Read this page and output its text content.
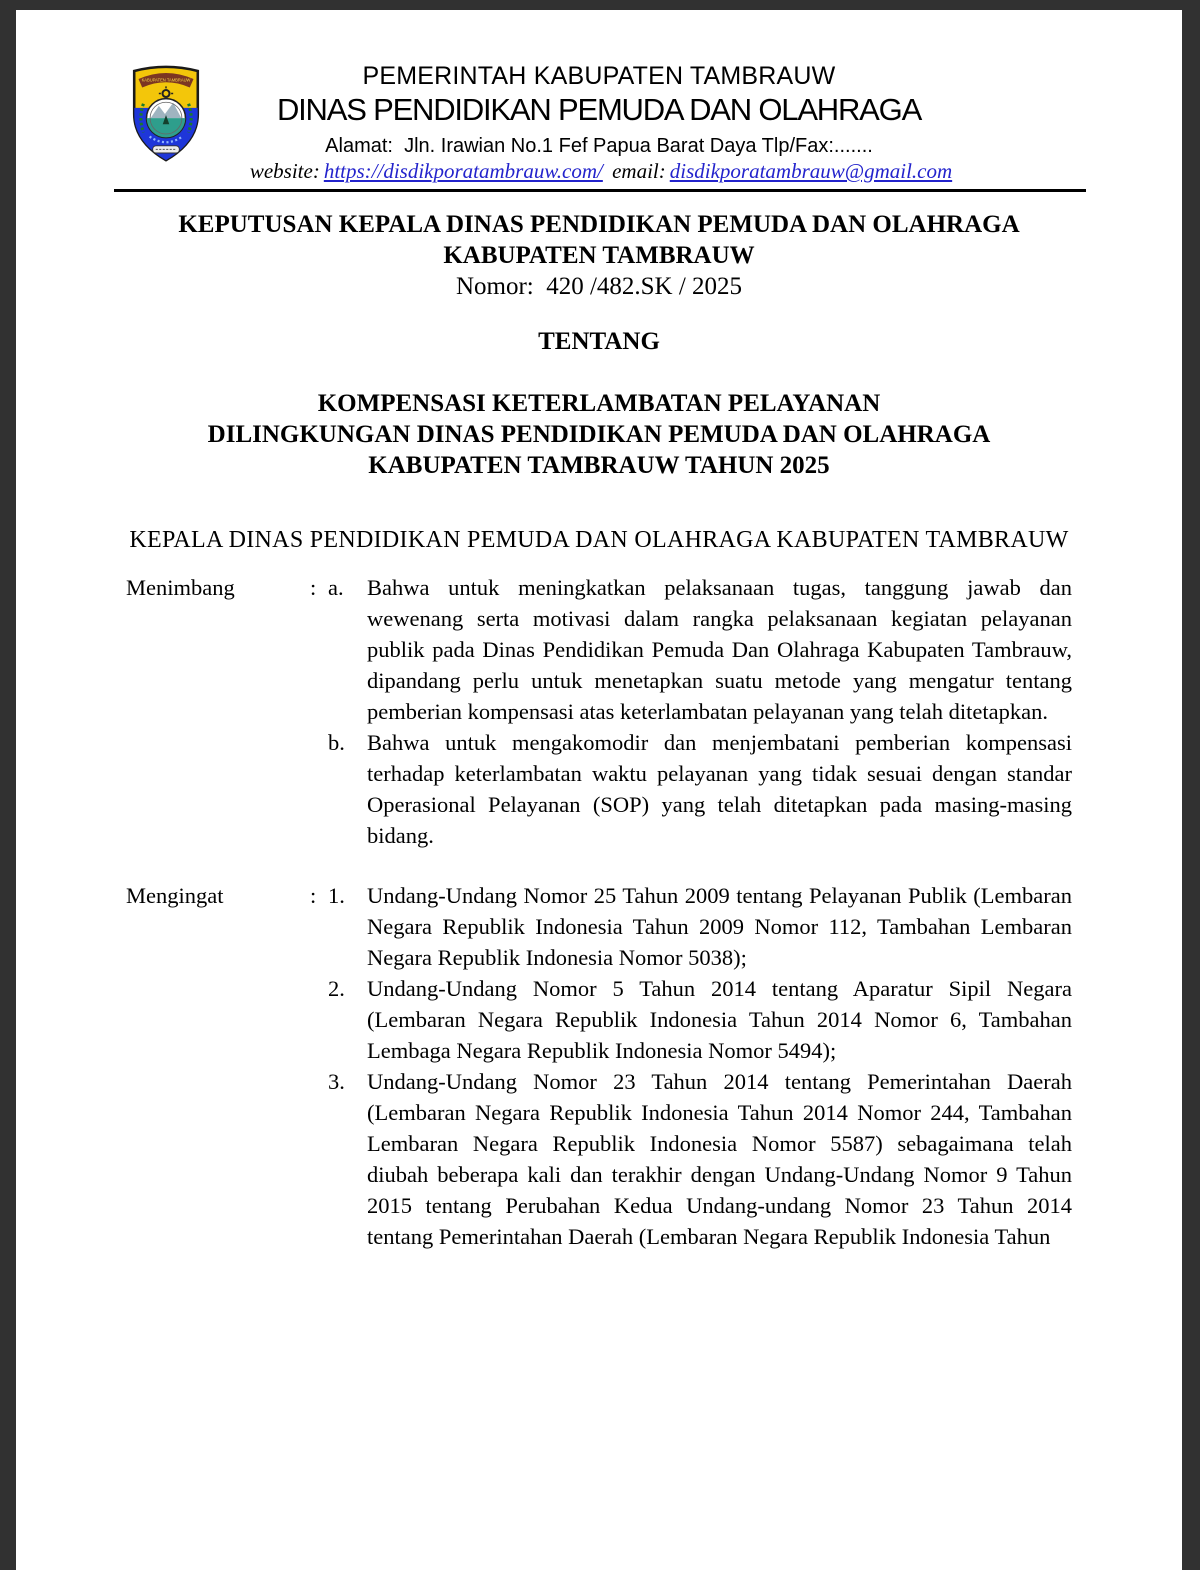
KABUPATEN TAMBRAUW	PEMERINTAH KABUPATEN TAMBRAUW
DINAS PENDIDIKAN PEMUDA DAN OLAHRAGA
Alamat:  Jln. Irawian No.1 Fef Papua Barat Daya Tlp/Fax:.......
website: https://disdikporatambrauw.com/ email: disdikporatambrauw@gmail.com
KEPUTUSAN KEPALA DINAS PENDIDIKAN PEMUDA DAN OLAHRAGA
KABUPATEN TAMBRAUW
Nomor:  420 /482.SK / 2025
TENTANG
KOMPENSASI KETERLAMBATAN PELAYANAN
DILINGKUNGAN DINAS PENDIDIKAN PEMUDA DAN OLAHRAGA
KABUPATEN TAMBRAUW TAHUN 2025
KEPALA DINAS PENDIDIKAN PEMUDA DAN OLAHRAGA KABUPATEN TAMBRAUW
Menimbang	: a.	Bahwa untuk meningkatkan pelaksanaan tugas, tanggung jawab dan wewenang serta motivasi dalam rangka pelaksanaan kegiatan pelayanan publik pada Dinas Pendidikan Pemuda Dan Olahraga Kabupaten Tambrauw, dipandang perlu untuk menetapkan suatu metode yang mengatur tentang pemberian kompensasi atas keterlambatan pelayanan yang telah ditetapkan.
b. Bahwa untuk mengakomodir dan menjembatani pemberian kompensasi terhadap keterlambatan waktu pelayanan yang tidak sesuai dengan standar Operasional Pelayanan (SOP) yang telah ditetapkan pada masing-masing bidang.
Mengingat	: 1. Undang-Undang Nomor 25 Tahun 2009 tentang Pelayanan Publik (Lembaran Negara Republik Indonesia Tahun 2009 Nomor 112, Tambahan Lembaran Negara Republik Indonesia Nomor 5038);
2. Undang-Undang Nomor 5 Tahun 2014 tentang Aparatur Sipil Negara (Lembaran Negara Republik Indonesia Tahun 2014 Nomor 6, Tambahan Lembaga Negara Republik Indonesia Nomor 5494);
3. Undang-Undang Nomor 23 Tahun 2014 tentang Pemerintahan Daerah (Lembaran Negara Republik Indonesia Tahun 2014 Nomor 244, Tambahan Lembaran Negara Republik Indonesia Nomor 5587) sebagaimana telah diubah beberapa kali dan terakhir dengan Undang-Undang Nomor 9 Tahun 2015 tentang Perubahan Kedua Undang-undang Nomor 23 Tahun 2014 tentang Pemerintahan Daerah (Lembaran Negara Republik Indonesia Tahun
